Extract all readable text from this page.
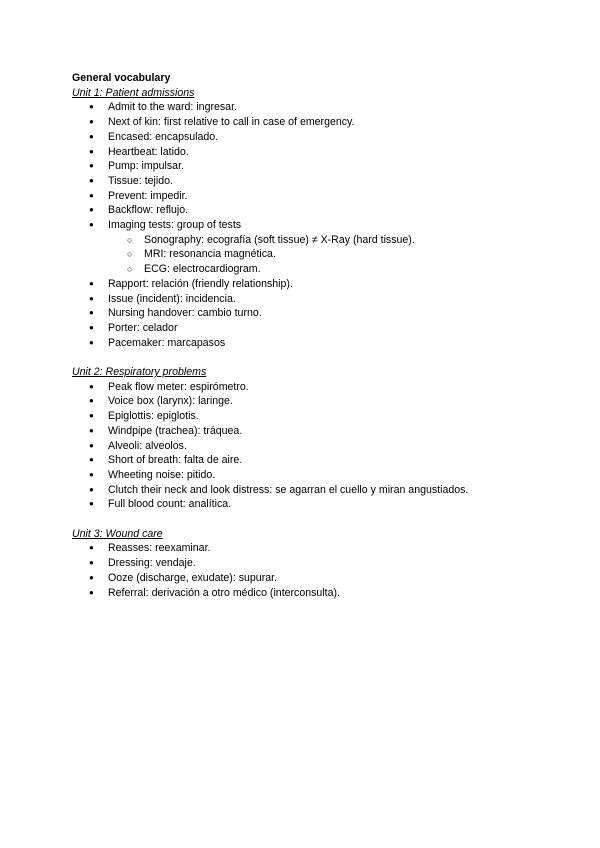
General vocabulary
Unit 1: Patient admissions
● Admit to the ward: ingresar.
● Next of kin: first relative to call in case of emergency.
● Encased: encapsulado.
● Heartbeat: latido.
● Pump: impulsar.
● Tissue: tejido.
● Prevent: impedir.
● Backflow: reflujo.
● Imaging tests: group of tests
○ Sonography: ecografía (soft tissue) ≠ X-Ray (hard tissue).
○ MRI: resonancia magnética.
○ ECG: electrocardiogram.
● Rapport: relación (friendly relationship).
● Issue (incident): incidencia.
● Nursing handover: cambio turno.
● Porter: celador
● Pacemaker: marcapasos
Unit 2: Respiratory problems
● Peak flow meter: espirómetro.
● Voice box (larynx): laringe.
● Epiglottis: epiglotis.
● Windpipe (trachea): tráquea.
● Alveoli: alveolos.
● Short of breath: falta de aire.
● Wheeting noise: pitido.
● Clutch their neck and look distress: se agarran el cuello y miran angustiados.
● Full blood count: analítica.
Unit 3: Wound care
● Reasses: reexaminar.
● Dressing: vendaje.
● Ooze (discharge, exudate): supurar.
● Referral: derivación a otro médico (interconsulta).
